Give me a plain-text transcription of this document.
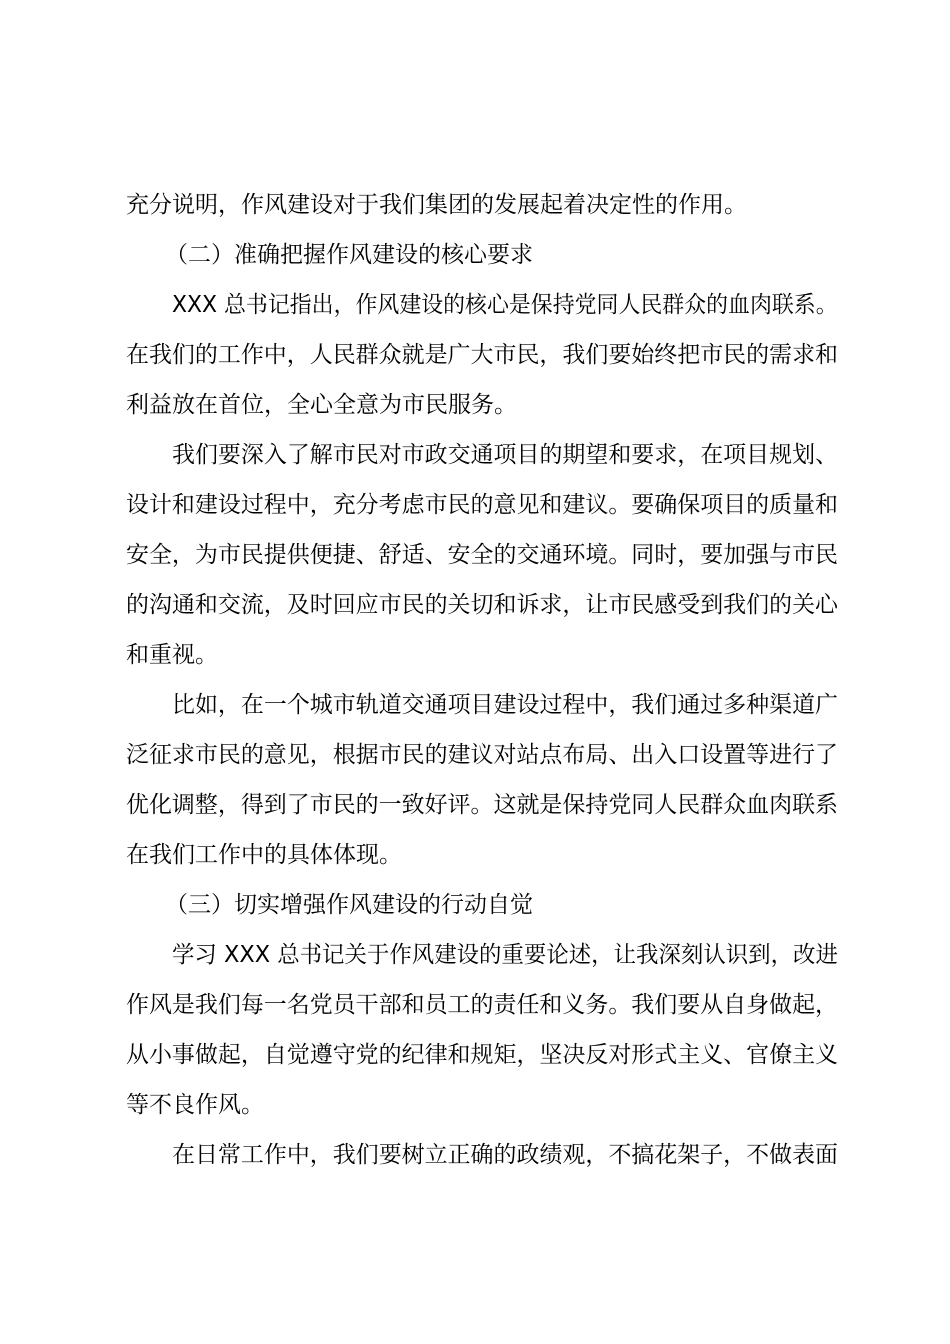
充分说明，作风建设对于我们集团的发展起着决定性的作用。
（二）准确把握作风建设的核心要求
XXX 总书记指出，作风建设的核心是保持党同人民群众的血肉联系。
在我们的工作中，人民群众就是广大市民，我们要始终把市民的需求和
利益放在首位，全心全意为市民服务。
我们要深入了解市民对市政交通项目的期望和要求，在项目规划、
设计和建设过程中，充分考虑市民的意见和建议。要确保项目的质量和
安全，为市民提供便捷、舒适、安全的交通环境。同时，要加强与市民
的沟通和交流，及时回应市民的关切和诉求，让市民感受到我们的关心
和重视。
比如，在一个城市轨道交通项目建设过程中，我们通过多种渠道广
泛征求市民的意见，根据市民的建议对站点布局、出入口设置等进行了
优化调整，得到了市民的一致好评。这就是保持党同人民群众血肉联系
在我们工作中的具体体现。
（三）切实增强作风建设的行动自觉
学习 XXX 总书记关于作风建设的重要论述，让我深刻认识到，改进
作风是我们每一名党员干部和员工的责任和义务。我们要从自身做起，
从小事做起，自觉遵守党的纪律和规矩，坚决反对形式主义、官僚主义
等不良作风。
在日常工作中，我们要树立正确的政绩观，不搞花架子，不做表面
